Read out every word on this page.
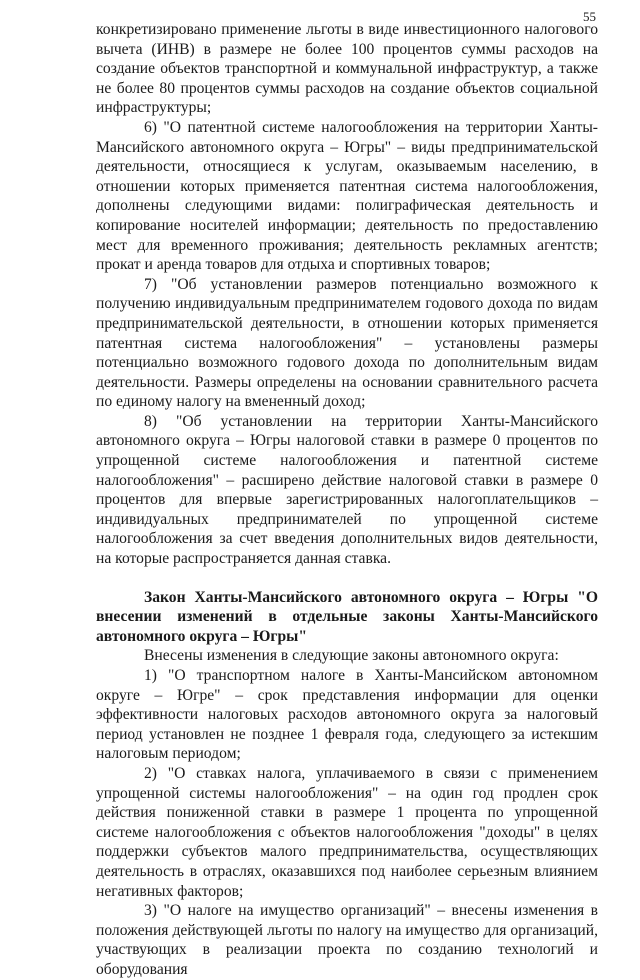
55

конкретизировано применение льготы в виде инвестиционного налогового вычета (ИНВ) в размере не более 100 процентов суммы расходов на создание объектов транспортной и коммунальной инфраструктур, а также не более 80 процентов суммы расходов на создание объектов социальной инфраструктуры;

6) "О патентной системе налогообложения на территории Ханты-Мансийского автономного округа – Югры" – виды предпринимательской деятельности, относящиеся к услугам, оказываемым населению, в отношении которых применяется патентная система налогообложения, дополнены следующими видами: полиграфическая деятельность и копирование носителей информации; деятельность по предоставлению мест для временного проживания; деятельность рекламных агентств; прокат и аренда товаров для отдыха и спортивных товаров;

7) "Об установлении размеров потенциально возможного к получению индивидуальным предпринимателем годового дохода по видам предпринимательской деятельности, в отношении которых применяется патентная система налогообложения" – установлены размеры потенциально возможного годового дохода по дополнительным видам деятельности. Размеры определены на основании сравнительного расчета по единому налогу на вмененный доход;

8) "Об установлении на территории Ханты-Мансийского автономного округа – Югры налоговой ставки в размере 0 процентов по упрощенной системе налогообложения и патентной системе налогообложения" – расширено действие налоговой ставки в размере 0 процентов для впервые зарегистрированных налогоплательщиков – индивидуальных предпринимателей по упрощенной системе налогообложения за счет введения дополнительных видов деятельности, на которые распространяется данная ставка.

Закон Ханты-Мансийского автономного округа – Югры "О внесении изменений в отдельные законы Ханты-Мансийского автономного округа – Югры"

Внесены изменения в следующие законы автономного округа:

1) "О транспортном налоге в Ханты-Мансийском автономном округе – Югре" – срок представления информации для оценки эффективности налоговых расходов автономного округа за налоговый период установлен не позднее 1 февраля года, следующего за истекшим налоговым периодом;

2) "О ставках налога, уплачиваемого в связи с применением упрощенной системы налогообложения" – на один год продлен срок действия пониженной ставки в размере 1 процента по упрощенной системе налогообложения с объектов налогообложения "доходы" в целях поддержки субъектов малого предпринимательства, осуществляющих деятельность в отраслях, оказавшихся под наиболее серьезным влиянием негативных факторов;

3) "О налоге на имущество организаций" – внесены изменения в положения действующей льготы по налогу на имущество для организаций, участвующих в реализации проекта по созданию технологий и оборудования
